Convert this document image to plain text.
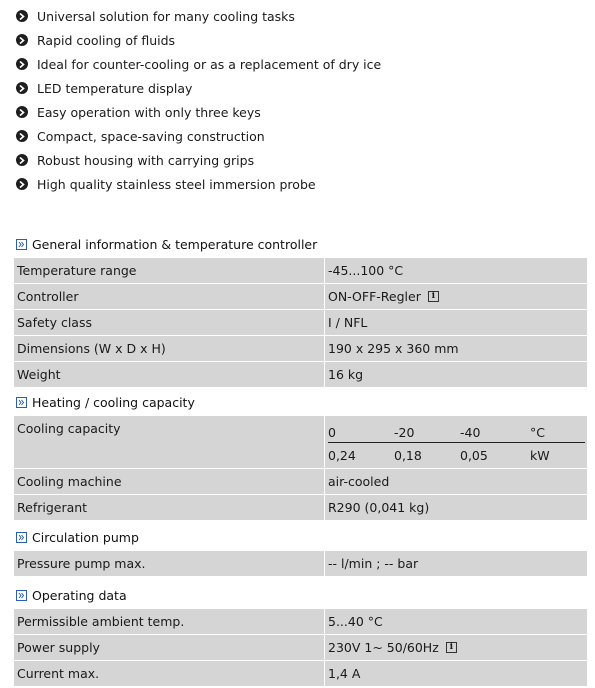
Universal solution for many cooling tasks
Rapid cooling of fluids
Ideal for counter-cooling or as a replacement of dry ice
LED temperature display
Easy operation with only three keys
Compact, space-saving construction
Robust housing with carrying grips
High quality stainless steel immersion probe
General information & temperature controller
Temperature range	-45...100 °C
Controller	ON-OFF-Regler	i
Safety class	I / NFL
Dimensions (W x D x H)	190 x 295 x 360 mm
Weight	16 kg
Heating / cooling capacity
Cooling capacity	0	-20	-40	°C
0,24	0,18	0,05	kW
Cooling machine	air-cooled
Refrigerant	R290 (0,041 kg)
Circulation pump
Pressure pump max.	-- l/min ; -- bar
Operating data
Permissible ambient temp.	5...40 °C
Power supply	230V 1~ 50/60Hz	i
Current max.	1,4 A
